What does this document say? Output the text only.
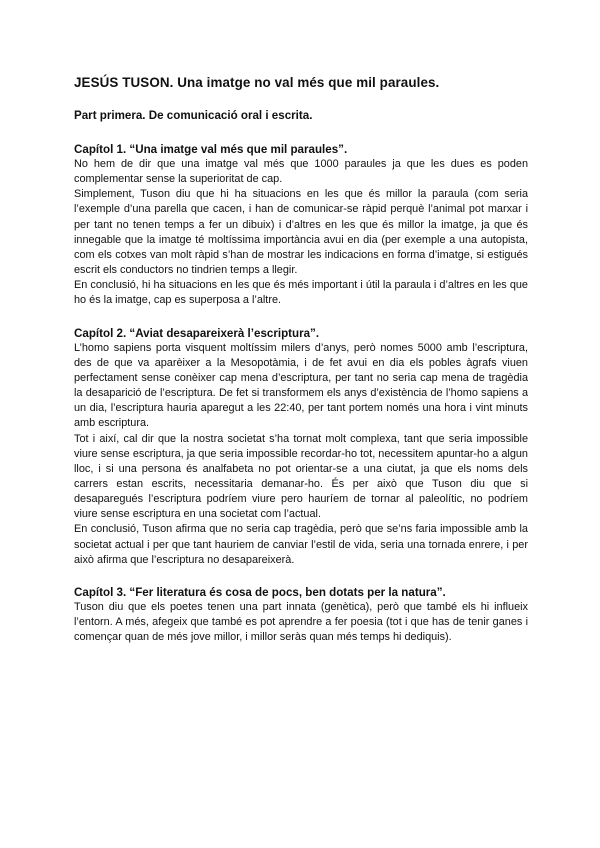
JESÚS TUSON. Una imatge no val més que mil paraules.
Part primera. De comunicació oral i escrita.
Capítol 1. “Una imatge val més que mil paraules”.

No hem de dir que una imatge val més que 1000 paraules ja que les dues es poden complementar sense la superioritat de cap.

Simplement, Tuson diu que hi ha situacions en les que és millor la paraula (com seria l’exemple d’una parella que cacen, i han de comunicar-se ràpid perquè l’animal pot marxar i per tant no tenen temps a fer un dibuix) i d’altres en les que és millor la imatge, ja que és innegable que la imatge té moltíssima importància avui en dia (per exemple a una autopista, com els cotxes van molt ràpid s’han de mostrar les indicacions en forma d’imatge, si estigués escrit els conductors no tindrien temps a llegir.

En conclusió, hi ha situacions en les que és més important i útil la paraula i d’altres en les que ho és la imatge, cap es superposa a l’altre.

Capítol 2. “Aviat desapareixerà l’escriptura”.

L’homo sapiens porta visquent moltíssim milers d’anys, però nomes 5000 amb l’escriptura, des de que va aparèixer a la Mesopotàmia, i de fet avui en dia els pobles àgrafs viuen perfectament sense conèixer cap mena d’escriptura, per tant no seria cap mena de tragèdia la desaparició de l’escriptura. De fet si transformem els anys d’existència de l’homo sapiens a un dia, l’escriptura hauria aparegut a les 22:40, per tant portem només una hora i vint minuts amb escriptura.

Tot i així, cal dir que la nostra societat s’ha tornat molt complexa, tant que seria impossible viure sense escriptura, ja que seria impossible recordar-ho tot, necessitem apuntar-ho a algun lloc, i si una persona és analfabeta no pot orientar-se a una ciutat, ja que els noms dels carrers estan escrits, necessitaria demanar-ho. És per això que Tuson diu que si desaparegués l’escriptura podríem viure pero hauríem de tornar al paleolític, no podríem viure sense escriptura en una societat com l’actual.

En conclusió, Tuson afirma que no seria cap tragèdia, però que se’ns faria impossible amb la societat actual i per que tant hauriem de canviar l’estil de vida, seria una tornada enrere, i per això afirma que l’escriptura no desapareixerà.

Capítol 3. “Fer literatura és cosa de pocs, ben dotats per la natura”.

Tuson diu que els poetes tenen una part innata (genètica), però que també els hi influeix l’entorn. A més, afegeix que també es pot aprendre a fer poesia (tot i que has de tenir ganes i començar quan de més jove millor, i millor seràs quan més temps hi dediquis).
